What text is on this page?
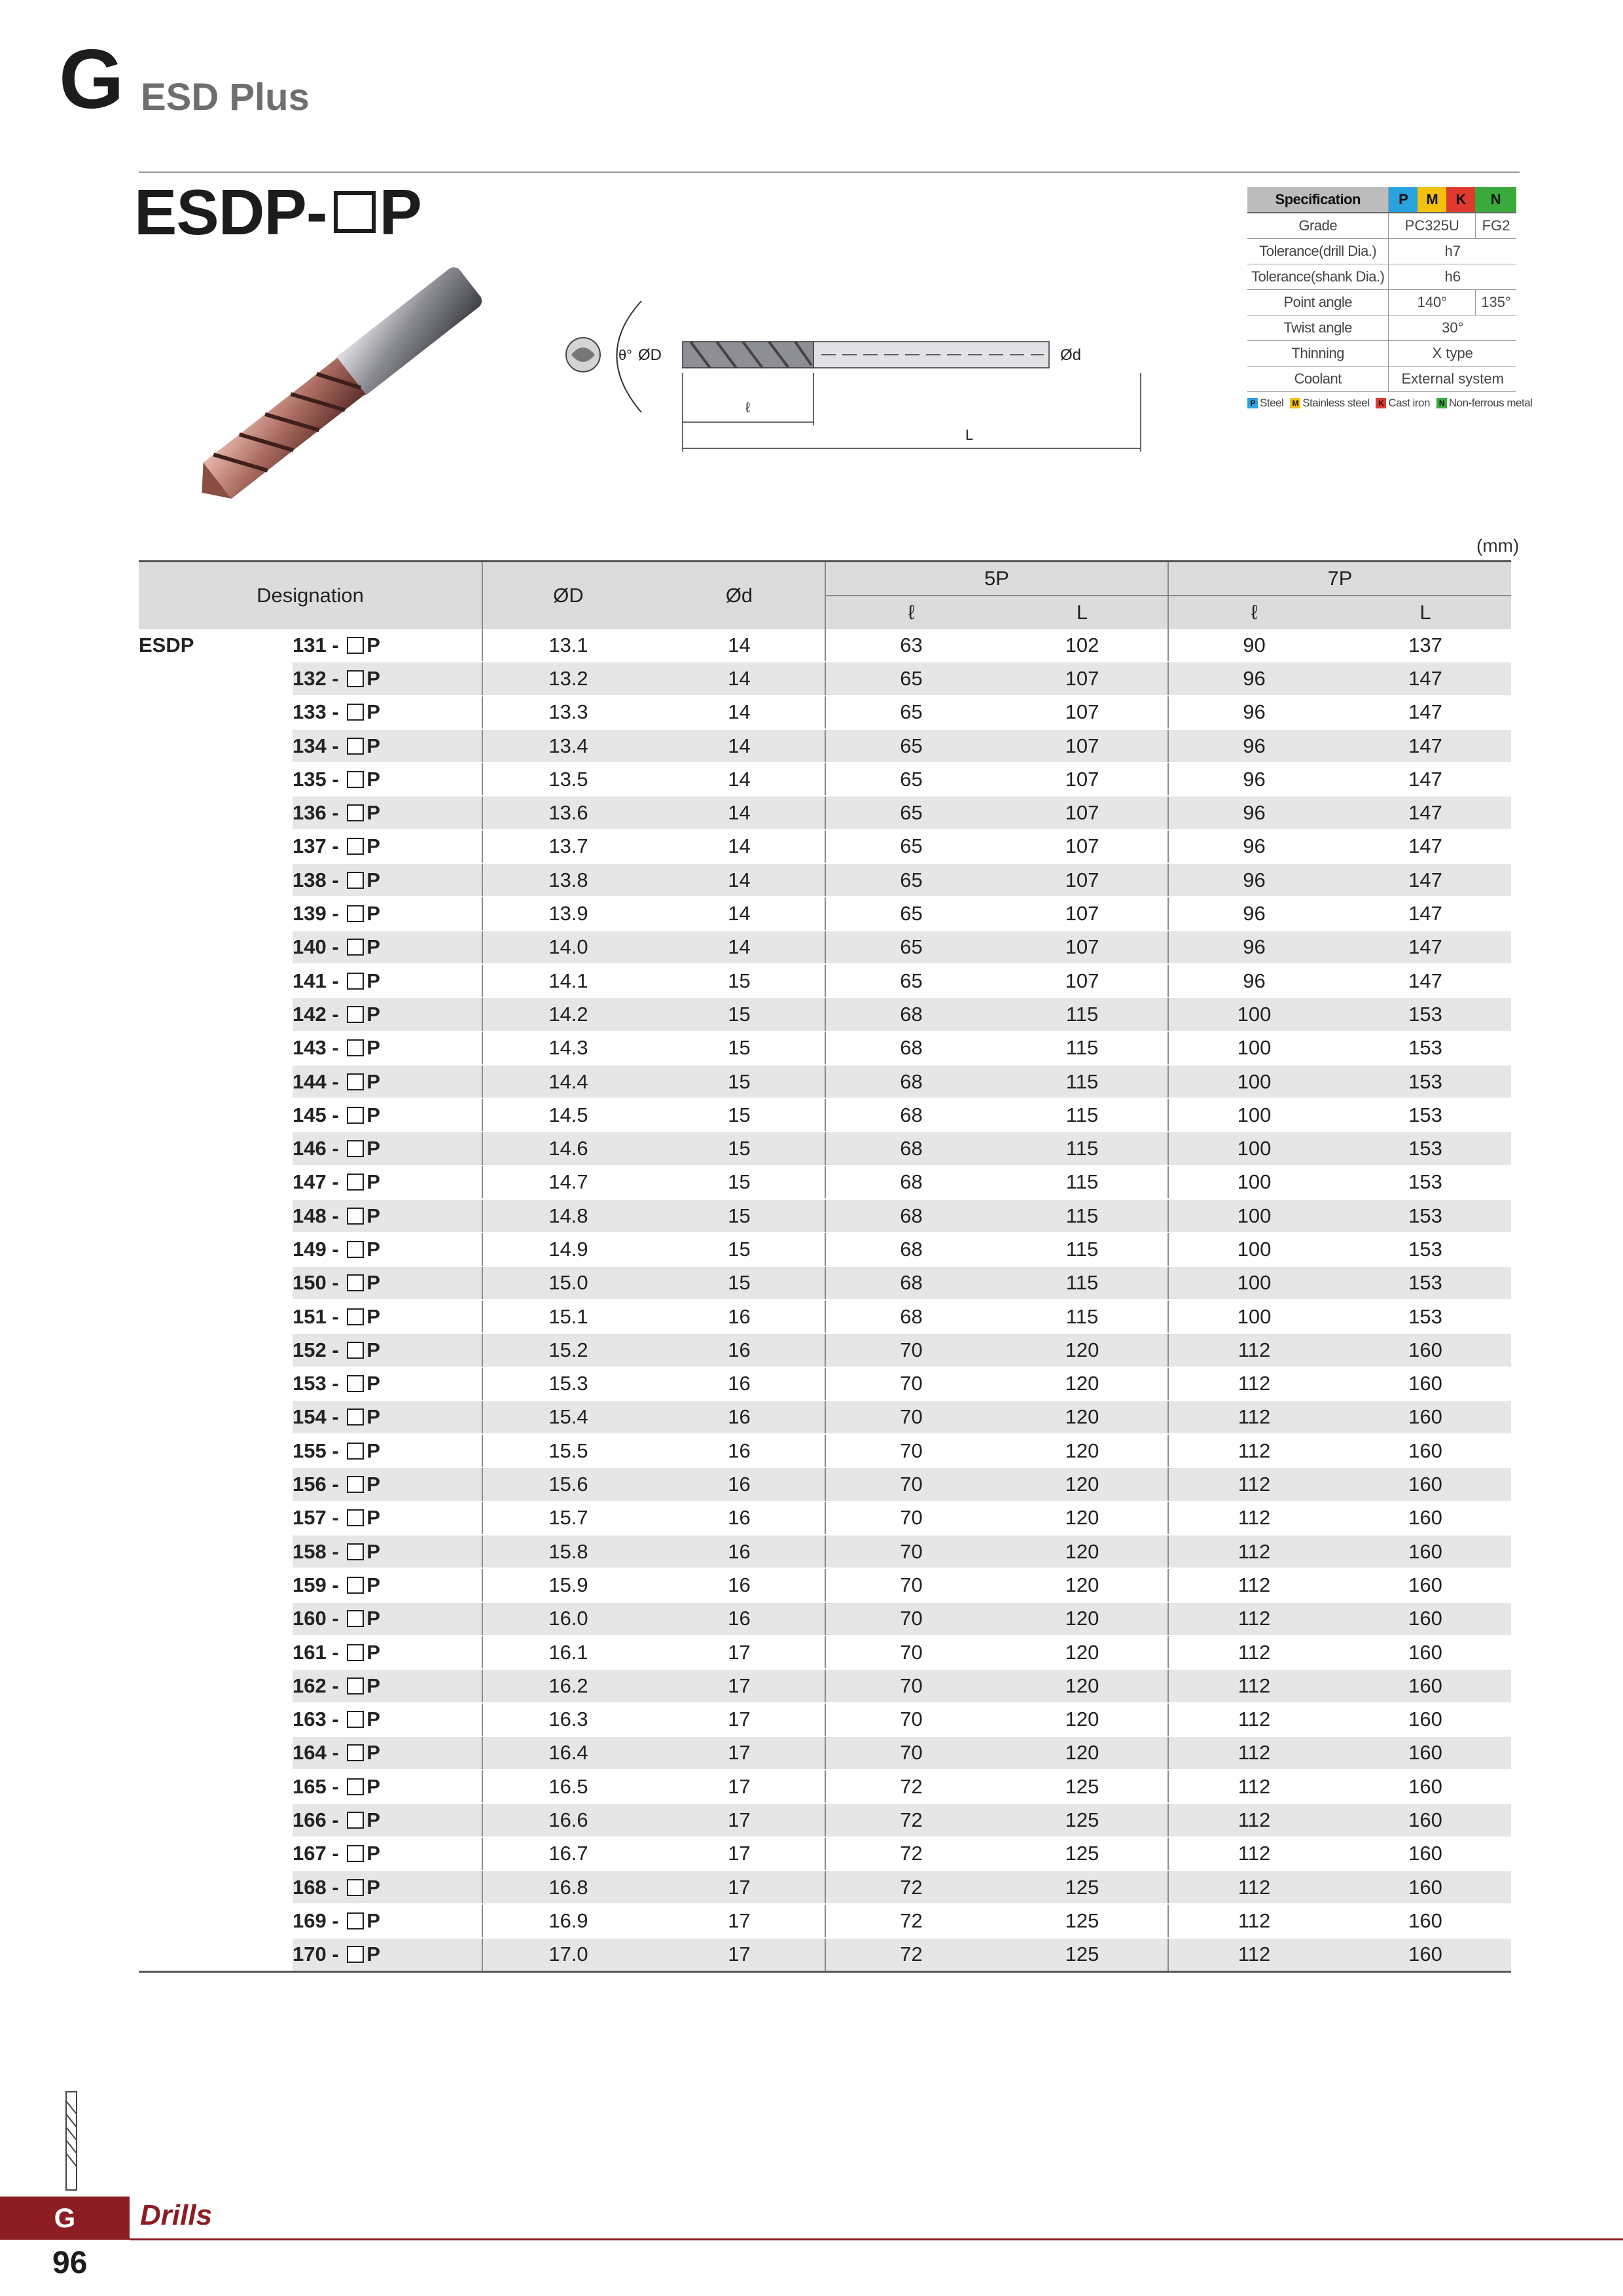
G ESD Plus
ESDP- P
θ° ØD	Ød
ℓ
L
Specification	P	M	K	N
Grade	PC325U			FG2
Tolerance(drill Dia.)	h7			
Tolerance(shank Dia.)	h6			
Point angle	140°			135°
Twist angle	30°			
Thinning	X type			
Coolant	External system			
P Steel M Stainless steel	K Cast iron	N Non-ferrous metal
(mm)
Designation		ØD	Ød	5P		7P	
				ℓ	L	ℓ	L
ESDP	131 - P	13.1	14	63	102	90	137
	132 - P	13.2	14	65	107	96	147
	133 - P	13.3	14	65	107	96	147
	134 - P	13.4	14	65	107	96	147
	135 - P	13.5	14	65	107	96	147
	136 - P	13.6	14	65	107	96	147
	137 - P	13.7	14	65	107	96	147
	138 - P	13.8	14	65	107	96	147
	139 - P	13.9	14	65	107	96	147
	140 - P	14.0	14	65	107	96	147
	141 - P	14.1	15	65	107	96	147
	142 - P	14.2	15	68	115	100	153
	143 - P	14.3	15	68	115	100	153
	144 - P	14.4	15	68	115	100	153
	145 - P	14.5	15	68	115	100	153
	146 - P	14.6	15	68	115	100	153
	147 - P	14.7	15	68	115	100	153
	148 - P	14.8	15	68	115	100	153
	149 - P	14.9	15	68	115	100	153
	150 - P	15.0	15	68	115	100	153
	151 - P	15.1	16	68	115	100	153
	152 - P	15.2	16	70	120	112	160
	153 - P	15.3	16	70	120	112	160
	154 - P	15.4	16	70	120	112	160
	155 - P	15.5	16	70	120	112	160
	156 - P	15.6	16	70	120	112	160
	157 - P	15.7	16	70	120	112	160
	158 - P	15.8	16	70	120	112	160
	159 - P	15.9	16	70	120	112	160
	160 - P	16.0	16	70	120	112	160
	161 - P	16.1	17	70	120	112	160
	162 - P	16.2	17	70	120	112	160
	163 - P	16.3	17	70	120	112	160
	164 - P	16.4	17	70	120	112	160
	165 - P	16.5	17	72	125	112	160
	166 - P	16.6	17	72	125	112	160
	167 - P	16.7	17	72	125	112	160
	168 - P	16.8	17	72	125	112	160
	169 - P	16.9	17	72	125	112	160
	170 - P	17.0	17	72	125	112	160
G	Drills
96
